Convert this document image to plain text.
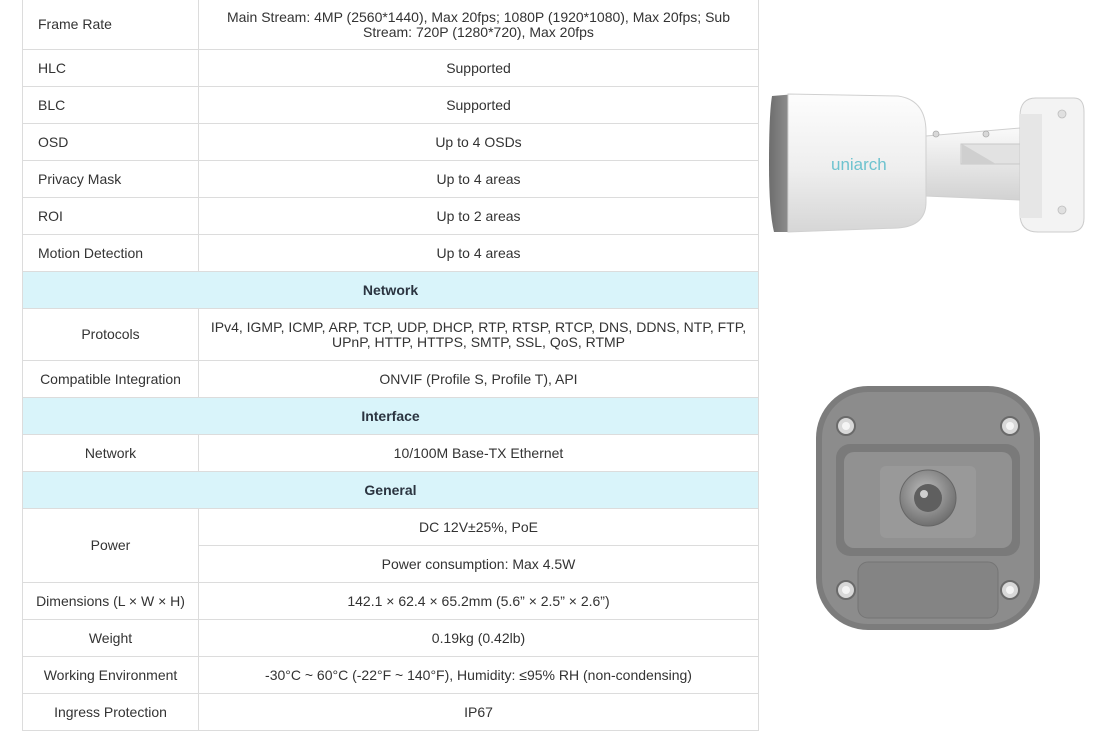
Frame Rate	Main Stream: 4MP (2560*1440), Max 20fps; 1080P (1920*1080), Max 20fps; Sub Stream: 720P (1280*720), Max 20fps
HLC	Supported
BLC	Supported
OSD	Up to 4 OSDs
Privacy Mask	Up to 4 areas
ROI	Up to 2 areas
Motion Detection	Up to 4 areas
Network	
Protocols	IPv4, IGMP, ICMP, ARP, TCP, UDP, DHCP, RTP, RTSP, RTCP, DNS, DDNS, NTP, FTP, UPnP, HTTP, HTTPS, SMTP, SSL, QoS, RTMP
Compatible Integration	ONVIF (Profile S, Profile T), API
Interface	
Network	10/100M Base-TX Ethernet
General	
Power	DC 12V±25%, PoE
	Power consumption: Max 4.5W
Dimensions (L × W × H)	142.1 × 62.4 × 65.2mm (5.6” × 2.5” × 2.6”)
Weight	0.19kg (0.42lb)
Working Environment	-30°C ~ 60°C (-22°F ~ 140°F), Humidity: ≤95% RH (non-condensing)
Ingress Protection	IP67
uniarch
